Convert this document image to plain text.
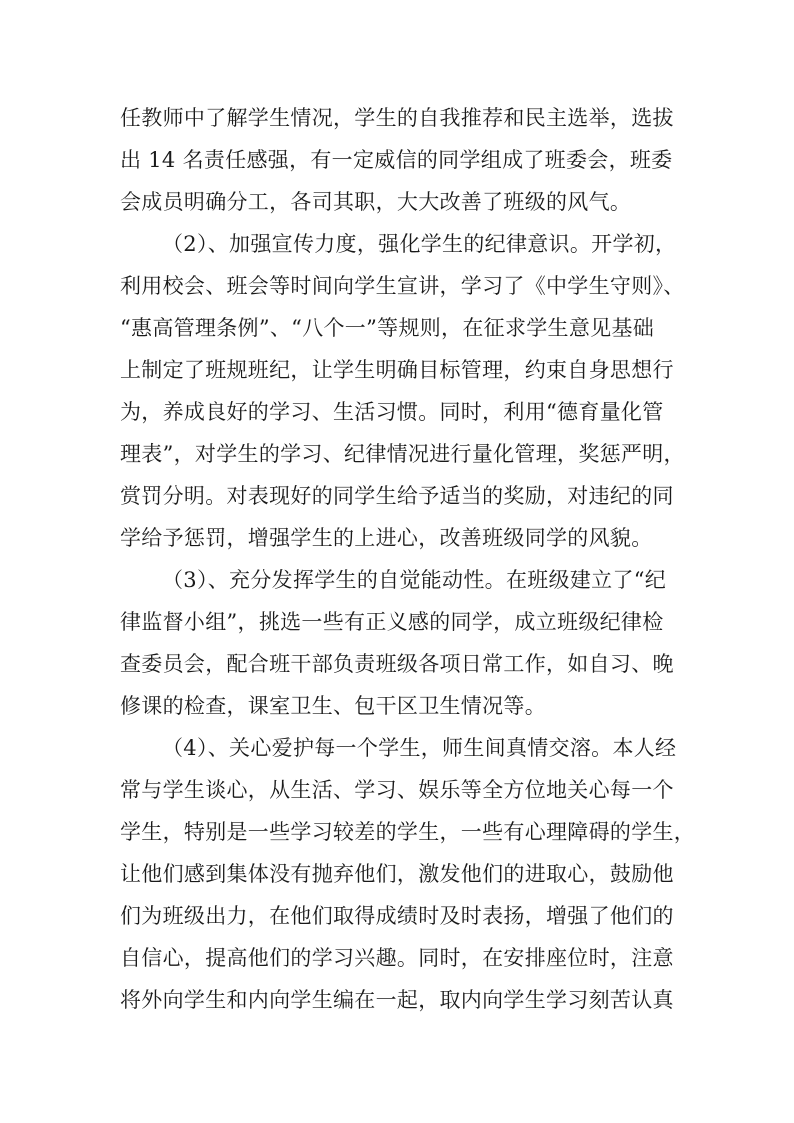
任教师中了解学生情况，学生的自我推荐和民主选举，选拔
出 14 名责任感强，有一定威信的同学组成了班委会，班委
会成员明确分工，各司其职，大大改善了班级的风气。
（2）、加强宣传力度，强化学生的纪律意识。开学初，
利用校会、班会等时间向学生宣讲，学习了《中学生守则》、
“惠高管理条例”、“八个一”等规则，在征求学生意见基础
上制定了班规班纪，让学生明确目标管理，约束自身思想行
为，养成良好的学习、生活习惯。同时，利用“德育量化管
理表”，对学生的学习、纪律情况进行量化管理，奖惩严明，
赏罚分明。对表现好的同学生给予适当的奖励，对违纪的同
学给予惩罚，增强学生的上进心，改善班级同学的风貌。
（3）、充分发挥学生的自觉能动性。在班级建立了“纪
律监督小组”，挑选一些有正义感的同学，成立班级纪律检
查委员会，配合班干部负责班级各项日常工作，如自习、晚
修课的检查，课室卫生、包干区卫生情况等。
（4）、关心爱护每一个学生，师生间真情交溶。本人经
常与学生谈心，从生活、学习、娱乐等全方位地关心每一个
学生，特别是一些学习较差的学生，一些有心理障碍的学生，
让他们感到集体没有抛弃他们，激发他们的进取心，鼓励他
们为班级出力，在他们取得成绩时及时表扬，增强了他们的
自信心，提高他们的学习兴趣。同时，在安排座位时，注意
将外向学生和内向学生编在一起，取内向学生学习刻苦认真
